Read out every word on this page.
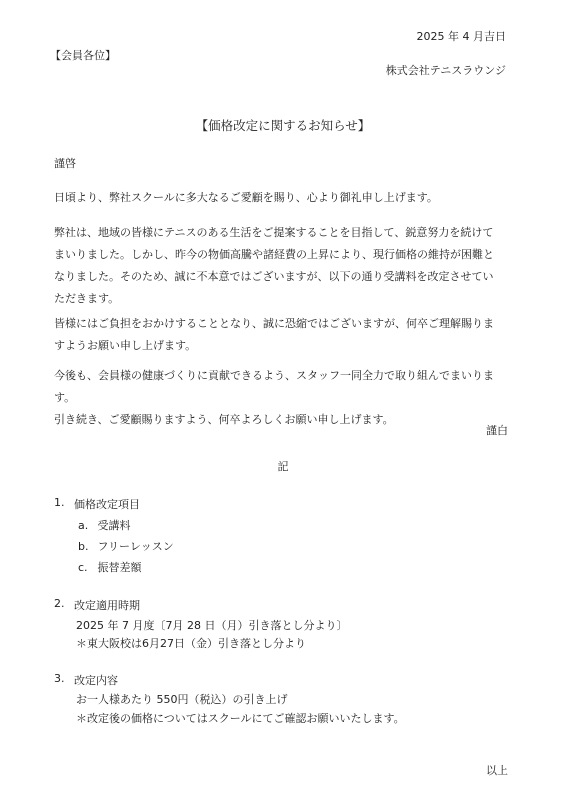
2025 年 4 月吉日
【会員各位】
株式会社テニスラウンジ
【価格改定に関するお知らせ】
謹啓
日頃より、弊社スクールに多大なるご愛顧を賜り、心より御礼申し上げます。
弊社は、地域の皆様にテニスのある生活をご提案することを目指して、鋭意努力を続けてまいりました。しかし、昨今の物価高騰や諸経費の上昇により、現行価格の維持が困難となりました。そのため、誠に不本意ではございますが、以下の通り受講料を改定させていただきます。
皆様にはご負担をおかけすることとなり、誠に恐縮ではございますが、何卒ご理解賜りますようお願い申し上げます。
今後も、会員様の健康づくりに貢献できるよう、スタッフ一同全力で取り組んでまいります。
引き続き、ご愛顧賜りますよう、何卒よろしくお願い申し上げます。
謹白
記
1. 価格改定項目
a. 受講料
b. フリーレッスン
c. 振替差額
2. 改定適用時期
2025 年 7 月度〔7月 28 日（月）引き落とし分より〕
＊東大阪校は6月27日（金）引き落とし分より
3. 改定内容
お一人様あたり 550円（税込）の引き上げ
＊改定後の価格についてはスクールにてご確認お願いいたします。
以上
